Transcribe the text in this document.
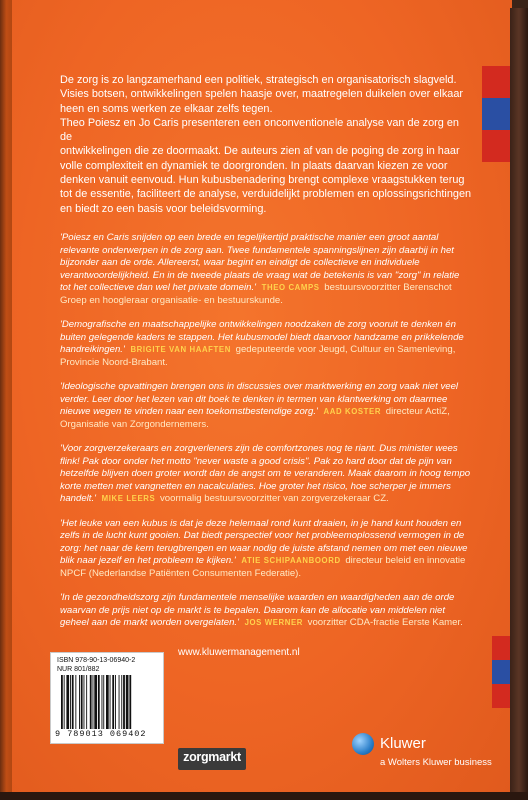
De zorg is zo langzamerhand een politiek, strategisch en organisatorisch slagveld.

Visies botsen, ontwikkelingen spelen haasje over, maatregelen duikelen over elkaar

heen en soms werken ze elkaar zelfs tegen.

Theo Poiesz en Jo Caris presenteren een onconventionele analyse van de zorg en de

ontwikkelingen die ze doormaakt. De auteurs zien af van de poging de zorg in haar

volle complexiteit en dynamiek te doorgronden. In plaats daarvan kiezen ze voor

denken vanuit eenvoud. Hun kubusbenadering brengt complexe vraagstukken terug

tot de essentie, faciliteert de analyse, verduidelijkt problemen en oplossingsrichtingen

en biedt zo een basis voor beleidsvorming.

'Poiesz en Caris snijden op een brede en tegelijkertijd praktische manier een groot aantal relevante onderwerpen in de zorg aan. Twee fundamentele spanningslijnen zijn daarbij in het bijzonder aan de orde. Allereerst, waar begint en eindigt de collectieve en individuele verantwoordelijkheid. En in de tweede plaats de vraag wat de betekenis is van "zorg" in relatie tot het collectieve dan wel het private domein.' THEO CAMPS bestuursvoorzitter Berenschot Groep en hoogleraar organisatie- en bestuurskunde.

'Demografische en maatschappelijke ontwikkelingen noodzaken de zorg vooruit te denken én buiten gelegende kaders te stappen. Het kubusmodel biedt daarvoor handzame en prikkelende handreikingen.' BRIGITE VAN HAAFTEN gedeputeerde voor Jeugd, Cultuur en Samenleving, Provincie Noord-Brabant.

'Ideologische opvattingen brengen ons in discussies over marktwerking en zorg vaak niet veel verder. Leer door het lezen van dit boek te denken in termen van klantwerking om daarmee nieuwe wegen te vinden naar een toekomstbestendige zorg.' AAD KOSTER directeur ActiZ, Organisatie van Zorgondernemers.

'Voor zorgverzekeraars en zorgverleners zijn de comfortzones nog te riant. Dus minister wees flink! Pak door onder het motto "never waste a good crisis". Pak zo hard door dat de pijn van hetzelfde blijven doen groter wordt dan de angst om te veranderen. Maak daarom in hoog tempo korte metten met vangnetten en nacalculaties. Hoe groter het risico, hoe scherper je immers handelt.' MIKE LEERS voormalig bestuursvoorzitter van zorgverzekeraar CZ.

'Het leuke van een kubus is dat je deze helemaal rond kunt draaien, in je hand kunt houden en zelfs in de lucht kunt gooien. Dat biedt perspectief voor het probleemoplossend vermogen in de zorg: het naar de kern terugbrengen en waar nodig de juiste afstand nemen om met een nieuwe blik naar jezelf en het probleem te kijken.' ATIE SCHIPAANBOORD directeur beleid en innovatie NPCF (Nederlandse Patiënten Consumenten Federatie).

'In de gezondheidszorg zijn fundamentele menselijke waarden en waardigheden aan de orde waarvan de prijs niet op de markt is te bepalen. Daarom kan de allocatie van middelen niet geheel aan de markt worden overgelaten.' JOS WERNER voorzitter CDA-fractie Eerste Kamer.

ISBN 978-90-13-06940-2
NUR 801/882
9 789013 069402
www.kluwermanagement.nl
zorgmarkt
Kluwer
a Wolters Kluwer business
